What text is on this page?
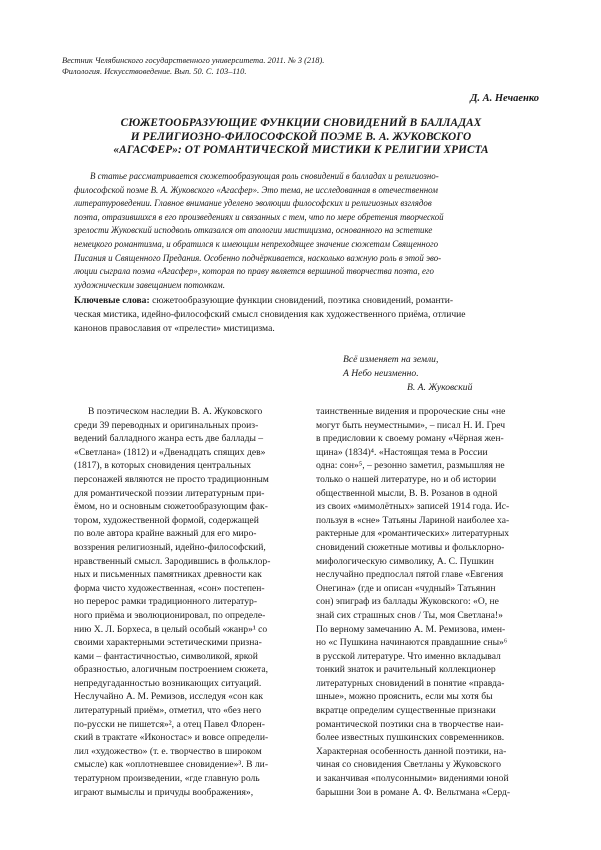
Вестник Челябинского государственного университета. 2011. № 3 (218).
Филология. Искусствоведение. Вып. 50. С. 103–110.
Д. А. Нечаенко
СЮЖЕТООБРАЗУЮЩИЕ ФУНКЦИИ СНОВИДЕНИЙ В БАЛЛАДАХ
И РЕЛИГИОЗНО-ФИЛОСОФСКОЙ ПОЭМЕ В. А. ЖУКОВСКОГО
«АГАСФЕР»: ОТ РОМАНТИЧЕСКОЙ МИСТИКИ К РЕЛИГИИ ХРИСТА
В статье рассматривается сюжетообразующая роль сновидений в балладах и религиозно-
философской поэме В. А. Жуковского «Агасфер». Это тема, не исследованная в отечественном
литературоведении. Главное внимание уделено эволюции философских и религиозных взглядов
поэта, отразившихся в его произведениях и связанных с тем, что по мере обретения творческой
зрелости Жуковский исподволь отказался от апологии мистицизма, основанного на эстетике
немецкого романтизма, и обратился к имеющим непреходящее значение сюжетам Священного
Писания и Священного Предания. Особенно подчёркивается, насколько важную роль в этой эво-
люции сыграла поэма «Агасфер», которая по праву является вершиной творчества поэта, его
художническим завещанием потомкам.
Ключевые слова: сюжетообразующие функции сновидений, поэтика сновидений, романти-
ческая мистика, идейно-философский смысл сновидения как художественного приёма, отличие
канонов православия от «прелести» мистицизма.
Всё изменяет на земли,
А Небо неизменно.
В. А. Жуковский
В поэтическом наследии В. А. Жуковского
среди 39 переводных и оригинальных произ-
ведений балладного жанра есть две баллады –
«Светлана» (1812) и «Двенадцать спящих дев»
(1817), в которых сновидения центральных
персонажей являются не просто традиционным
для романтической поэзии литературным при-
ёмом, но и основным сюжетообразующим фак-
тором, художественной формой, содержащей
по воле автора крайне важный для его миро-
воззрения религиозный, идейно-философский,
нравственный смысл. Зародившись в фольклор-
ных и письменных памятниках древности как
форма чисто художественная, «сон» постепен-
но перерос рамки традиционного литератур-
ного приёма и эволюционировал, по определе-
нию Х. Л. Борхеса, в целый особый «жанр»¹ со
своими характерными эстетическими призна-
ками – фантастичностью, символикой, яркой
образностью, алогичным построением сюжета,
непредугаданностью возникающих ситуаций.
Неслучайно А. М. Ремизов, исследуя «сон как
литературный приём», отметил, что «без него
по-русски не пишется»², а отец Павел Флорен-
ский в трактате «Иконостас» и вовсе определи-
лил «художество» (т. е. творчество в широком
смысле) как «оплотневшее сновидение»³. В ли-
тературном произведении, «где главную роль
играют вымыслы и причуды воображения»,
таинственные видения и пророческие сны «не
могут быть неуместными», – писал Н. И. Греч
в предисловии к своему роману «Чёрная жен-
щина» (1834)⁴. «Настоящая тема в России
одна: сон»⁵, – резонно заметил, размышляя не
только о нашей литературе, но и об истории
общественной мысли, В. В. Розанов в одной
из своих «мимолётных» записей 1914 года. Ис-
пользуя в «сне» Татьяны Лариной наиболее ха-
рактерные для «романтических» литературных
сновидений сюжетные мотивы и фольклорно-
мифологическую символику, А. С. Пушкин
неслучайно предпослал пятой главе «Евгения
Онегина» (где и описан «чудный» Татьянин
сон) эпиграф из баллады Жуковского: «О, не
знай сих страшных снов / Ты, моя Светлана!»
По верному замечанию А. М. Ремизова, имен-
но «с Пушкина начинаются правдашние сны»⁶
в русской литературе. Что именно вкладывал
тонкий знаток и рачительный коллекционер
литературных сновидений в понятие «правда-
шные», можно прояснить, если мы хотя бы
вкратце определим существенные признаки
романтической поэтики сна в творчестве наи-
более известных пушкинских современников.
Характерная особенность данной поэтики, на-
чиная со сновидения Светланы у Жуковского
и заканчивая «полусонными» видениями юной
барышни Зои в романе А. Ф. Вельтмана «Серд-
